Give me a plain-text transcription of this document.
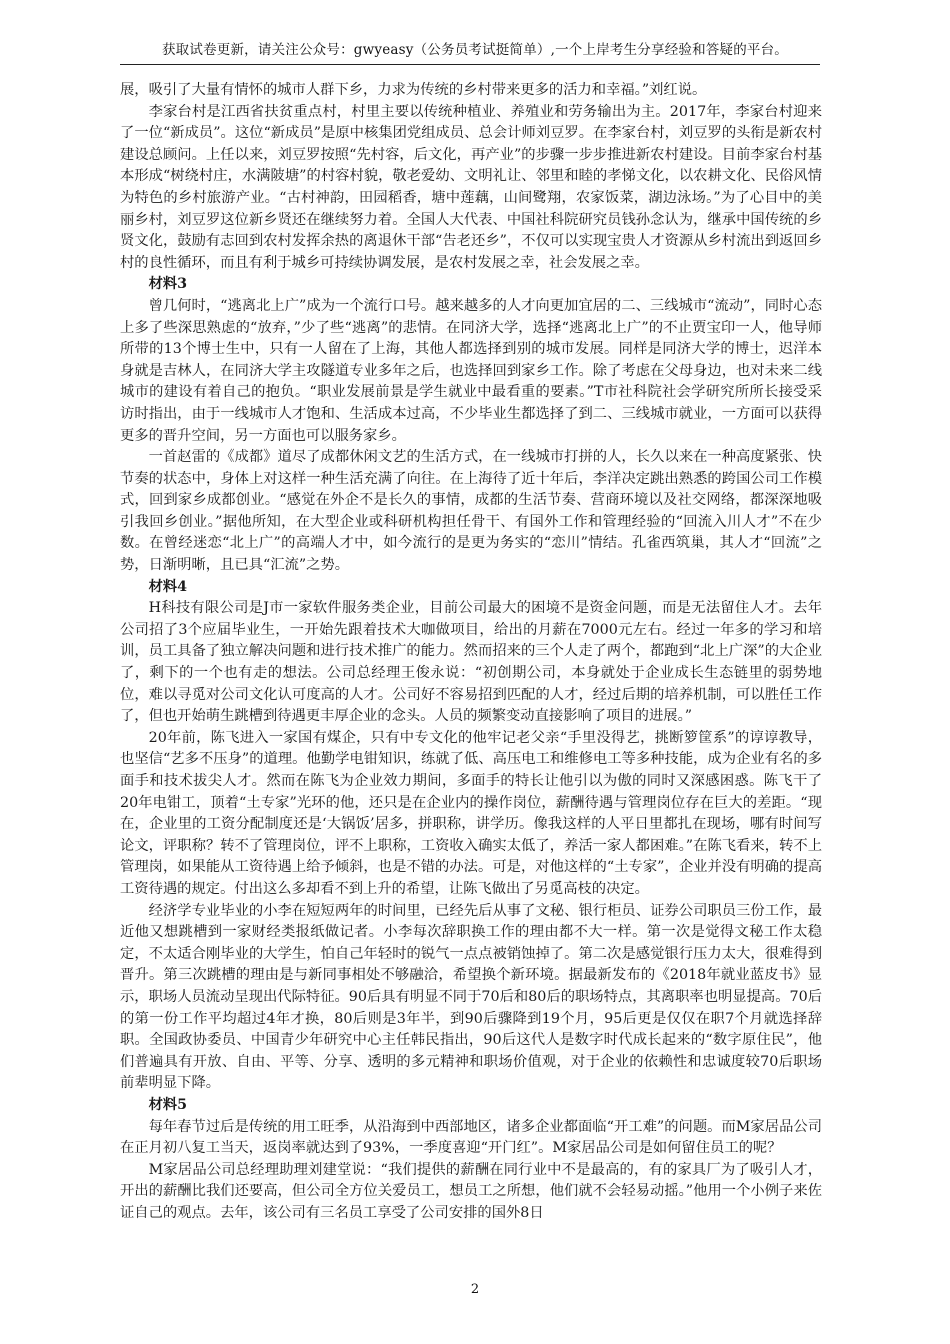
获取试卷更新，请关注公众号：gwyeasy（公务员考试挺简单）,一个上岸考生分享经验和答疑的平台。

展，吸引了大量有情怀的城市人群下乡，力求为传统的乡村带来更多的活力和幸福。”刘红说。

李家台村是江西省扶贫重点村，村里主要以传统种植业、养殖业和劳务输出为主。2017年，李家台村迎来了一位“新成员”。这位“新成员”是原中核集团党组成员、总会计师刘豆罗。在李家台村，刘豆罗的头衔是新农村建设总顾问。上任以来，刘豆罗按照“先村容，后文化，再产业”的步骤一步步推进新农村建设。目前李家台村基本形成“树绕村庄，水满陂塘”的村容村貌，敬老爱幼、文明礼让、邻里和睦的孝悌文化，以农耕文化、民俗风情为特色的乡村旅游产业。“古村神韵，田园稻香，塘中莲藕，山间鹭翔，农家饭菜，湖边泳场。”为了心目中的美丽乡村，刘豆罗这位新乡贤还在继续努力着。全国人大代表、中国社科院研究员钱孙念认为，继承中国传统的乡贤文化，鼓励有志回到农村发挥余热的离退休干部“告老还乡”，不仅可以实现宝贵人才资源从乡村流出到返回乡村的良性循环，而且有利于城乡可持续协调发展，是农村发展之幸，社会发展之幸。

材料3

曾几何时，“逃离北上广”成为一个流行口号。越来越多的人才向更加宜居的二、三线城市“流动”，同时心态上多了些深思熟虑的“放弃，”少了些“逃离”的悲情。在同济大学，选择“逃离北上广”的不止贾宝印一人，他导师所带的13个博士生中，只有一人留在了上海，其他人都选择到别的城市发展。同样是同济大学的博士，迟洋本身就是吉林人，在同济大学主攻隧道专业多年之后，也选择回到家乡工作。除了考虑在父母身边，也对未来二线城市的建设有着自己的抱负。“职业发展前景是学生就业中最看重的要素。”T市社科院社会学研究所所长接受采访时指出，由于一线城市人才饱和、生活成本过高，不少毕业生都选择了到二、三线城市就业，一方面可以获得更多的晋升空间，另一方面也可以服务家乡。

一首赵雷的《成都》道尽了成都休闲文艺的生活方式，在一线城市打拼的人，长久以来在一种高度紧张、快节奏的状态中，身体上对这样一种生活充满了向往。在上海待了近十年后，李洋决定跳出熟悉的跨国公司工作模式，回到家乡成都创业。“感觉在外企不是长久的事情，成都的生活节奏、营商环境以及社交网络，都深深地吸引我回乡创业。”据他所知，在大型企业或科研机构担任骨干、有国外工作和管理经验的“回流入川人才”不在少数。在曾经迷恋“北上广”的高端人才中，如今流行的是更为务实的“恋川”情结。孔雀西筑巢，其人才“回流”之势，日渐明晰，且已具“汇流”之势。

材料4

H科技有限公司是J市一家软件服务类企业，目前公司最大的困境不是资金问题，而是无法留住人才。去年公司招了3个应届毕业生，一开始先跟着技术大咖做项目，给出的月薪在7000元左右。经过一年多的学习和培训，员工具备了独立解决问题和进行技术推广的能力。然而招来的三个人走了两个，都跑到“北上广深”的大企业了，剩下的一个也有走的想法。公司总经理王俊永说：“初创期公司，本身就处于企业成长生态链里的弱势地位，难以寻觅对公司文化认可度高的人才。公司好不容易招到匹配的人才，经过后期的培养机制，可以胜任工作了，但也开始萌生跳槽到待遇更丰厚企业的念头。人员的频繁变动直接影响了项目的进展。”

20年前，陈飞进入一家国有煤企，只有中专文化的他牢记老父亲“手里没得艺，挑断箩筐系”的谆谆教导，也坚信“艺多不压身”的道理。他勤学电钳知识，练就了低、高压电工和维修电工等多种技能，成为企业有名的多面手和技术拔尖人才。然而在陈飞为企业效力期间，多面手的特长让他引以为傲的同时又深感困惑。陈飞干了20年电钳工，顶着“土专家”光环的他，还只是在企业内的操作岗位，薪酬待遇与管理岗位存在巨大的差距。“现在，企业里的工资分配制度还是‘大锅饭’居多，拼职称，讲学历。像我这样的人平日里都扎在现场，哪有时间写论文，评职称？转不了管理岗位，评不上职称，工资收入确实太低了，养活一家人都困难。”在陈飞看来，转不上管理岗，如果能从工资待遇上给予倾斜，也是不错的办法。可是，对他这样的“土专家”，企业并没有明确的提高工资待遇的规定。付出这么多却看不到上升的希望，让陈飞做出了另觅高枝的决定。

经济学专业毕业的小李在短短两年的时间里，已经先后从事了文秘、银行柜员、证券公司职员三份工作，最近他又想跳槽到一家财经类报纸做记者。小李每次辞职换工作的理由都不大一样。第一次是觉得文秘工作太稳定，不太适合刚毕业的大学生，怕自己年轻时的锐气一点点被销蚀掉了。第二次是感觉银行压力太大，很难得到晋升。第三次跳槽的理由是与新同事相处不够融洽，希望换个新环境。据最新发布的《2018年就业蓝皮书》显示，职场人员流动呈现出代际特征。90后具有明显不同于70后和80后的职场特点，其离职率也明显提高。70后的第一份工作平均超过4年才换，80后则是3年半，到90后骤降到19个月，95后更是仅仅在职7个月就选择辞职。全国政协委员、中国青少年研究中心主任韩民指出，90后这代人是数字时代成长起来的“数字原住民”，他们普遍具有开放、自由、平等、分享、透明的多元精神和职场价值观，对于企业的依赖性和忠诚度较70后职场前辈明显下降。

材料5

每年春节过后是传统的用工旺季，从沿海到中西部地区，诸多企业都面临“开工难”的问题。而M家居品公司在正月初八复工当天，返岗率就达到了93%，一季度喜迎“开门红”。M家居品公司是如何留住员工的呢？

M家居品公司总经理助理刘建堂说：“我们提供的薪酬在同行业中不是最高的，有的家具厂为了吸引人才，开出的薪酬比我们还要高，但公司全方位关爱员工，想员工之所想，他们就不会轻易动摇。”他用一个小例子来佐证自己的观点。去年，该公司有三名员工享受了公司安排的国外8日

2
